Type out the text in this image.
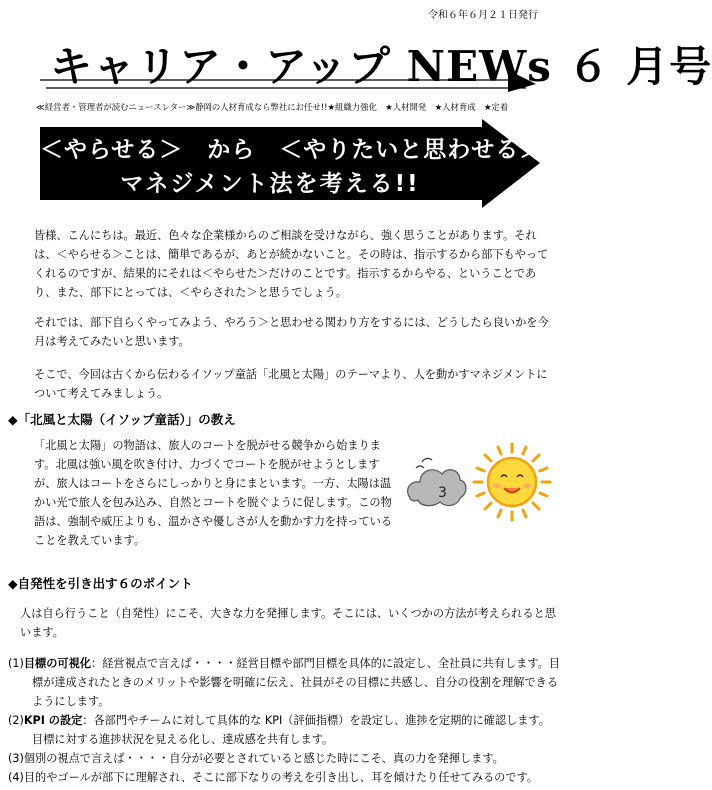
令和６年６月２１日発行
キャリア・アップ NEWs ６ 月号
≪経営者・管理者が読むニュースレター≫静岡の人材育成なら弊社にお任せ!!★組織力強化　★人材開発　★人材育成　★定着
＜やらせる＞　から　＜やりたいと思わせる＞
マネジメント法を考える!!

皆様、こんにちは。最近、色々な企業様からのご相談を受けながら、強く思うことがあります。それは、＜やらせる＞ことは、簡単であるが、あとが続かないこと。その時は、指示するから部下もやってくれるのですが、結果的にそれは＜やらせた＞だけのことです。指示するからやる、ということであり、また、部下にとっては、＜やらされた＞と思うでしょう。

それでは、部下自らくやってみよう、やろう＞と思わせる関わり方をするには、どうしたら良いかを今月は考えてみたいと思います。

そこで、今回は古くから伝わるイソップ童話「北風と太陽」のテーマより、人を動かすマネジメントについて考えてみましょう。

◆「北風と太陽（イソップ童話）」の教え

「北風と太陽」の物語は、旅人のコートを脱がせる競争から始まります。北風は強い風を吹き付け、力づくでコートを脱がせようとしますが、旅人はコートをさらにしっかりと身にまといます。一方、太陽は温かい光で旅人を包み込み、自然とコートを脱ぐように促します。この物語は、強制や威圧よりも、温かさや優しさが人を動かす力を持っていることを教えています。

3
◆自発性を引き出す６のポイント

人は自ら行うこと（自発性）にこそ、大きな力を発揮します。そこには、いくつかの方法が考えられると思います。

(1)目標の可視化：経営視点で言えば・・・・経営目標や部門目標を具体的に設定し、全社員に共有します。目標が達成されたときのメリットや影響を明確に伝え、社員がその目標に共感し、自分の役割を理解できるようにします。
(2)KPI の設定：各部門やチームに対して具体的な KPI（評価指標）を設定し、進捗を定期的に確認します。 目標に対する進捗状況を見える化し、達成感を共有します。
(3)個別の視点で言えば・・・・自分が必要とされていると感じた時にこそ、真の力を発揮します。
(4)目的やゴールが部下に理解され、そこに部下なりの考えを引き出し、耳を傾けたり任せてみるのです。
